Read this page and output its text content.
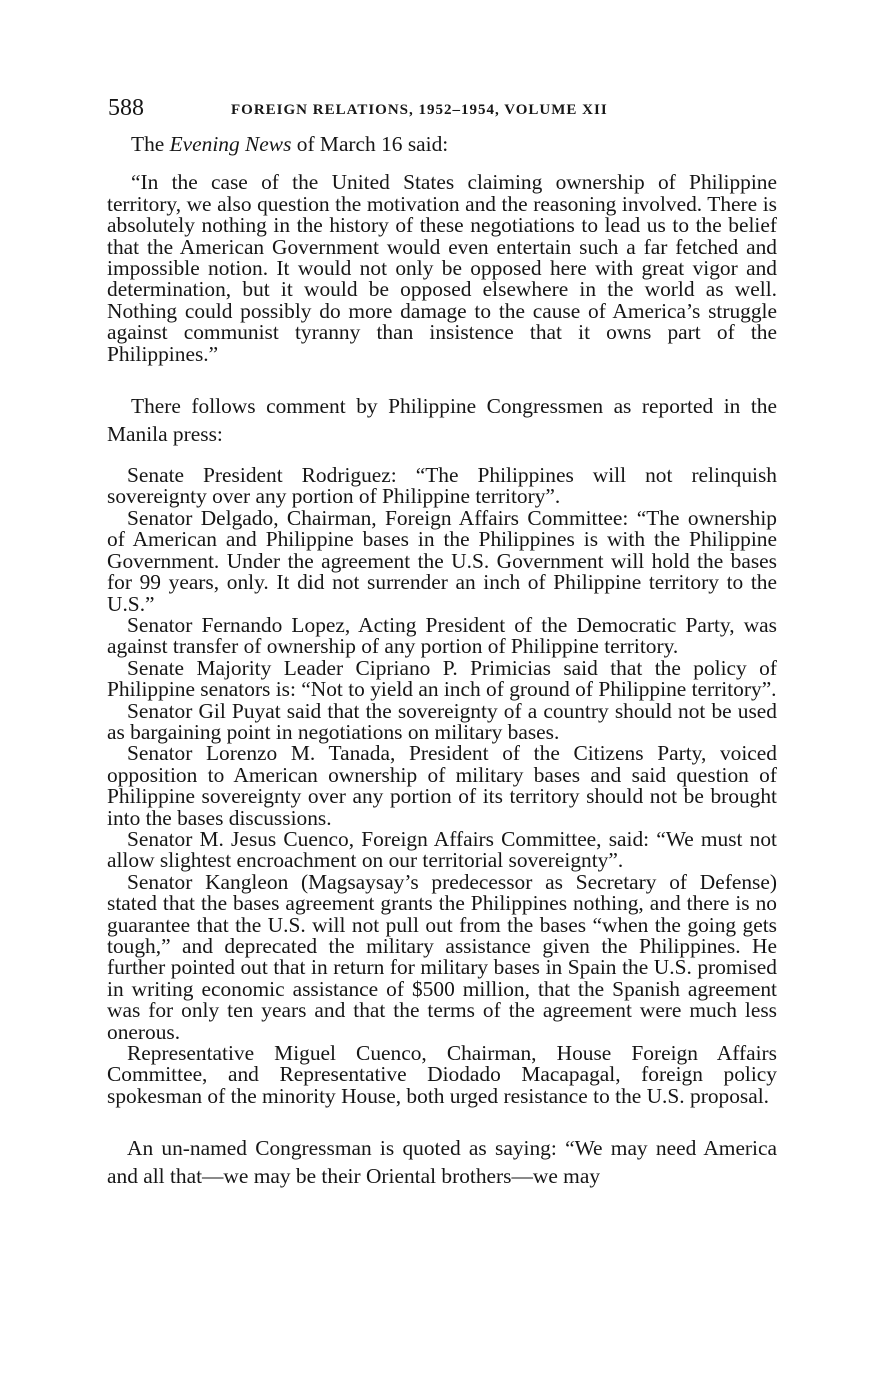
588	FOREIGN RELATIONS, 1952–1954, VOLUME XII

The Evening News of March 16 said:

“In the case of the United States claiming ownership of Philippine territory, we also question the motivation and the reasoning involved. There is absolutely nothing in the history of these negotiations to lead us to the belief that the American Government would even entertain such a far fetched and impossible notion. It would not only be opposed here with great vigor and determination, but it would be opposed elsewhere in the world as well. Nothing could possibly do more damage to the cause of America’s struggle against communist tyranny than insistence that it owns part of the Philippines.”

There follows comment by Philippine Congressmen as reported in the Manila press:

Senate President Rodriguez: “The Philippines will not relinquish sovereignty over any portion of Philippine territory”.

Senator Delgado, Chairman, Foreign Affairs Committee: “The ownership of American and Philippine bases in the Philippines is with the Philippine Government. Under the agreement the U.S. Government will hold the bases for 99 years, only. It did not surrender an inch of Philippine territory to the U.S.”

Senator Fernando Lopez, Acting President of the Democratic Party, was against transfer of ownership of any portion of Philippine territory.

Senate Majority Leader Cipriano P. Primicias said that the policy of Philippine senators is: “Not to yield an inch of ground of Philippine territory”.

Senator Gil Puyat said that the sovereignty of a country should not be used as bargaining point in negotiations on military bases.

Senator Lorenzo M. Tanada, President of the Citizens Party, voiced opposition to American ownership of military bases and said question of Philippine sovereignty over any portion of its territory should not be brought into the bases discussions.

Senator M. Jesus Cuenco, Foreign Affairs Committee, said: “We must not allow slightest encroachment on our territorial sovereignty”.

Senator Kangleon (Magsaysay’s predecessor as Secretary of Defense) stated that the bases agreement grants the Philippines nothing, and there is no guarantee that the U.S. will not pull out from the bases “when the going gets tough,” and deprecated the military assistance given the Philippines. He further pointed out that in return for military bases in Spain the U.S. promised in writing economic assistance of $500 million, that the Spanish agreement was for only ten years and that the terms of the agreement were much less onerous.

Representative Miguel Cuenco, Chairman, House Foreign Affairs Committee, and Representative Diodado Macapagal, foreign policy spokesman of the minority House, both urged resistance to the U.S. proposal.

An un-named Congressman is quoted as saying: “We may need America and all that—we may be their Oriental brothers—we may
